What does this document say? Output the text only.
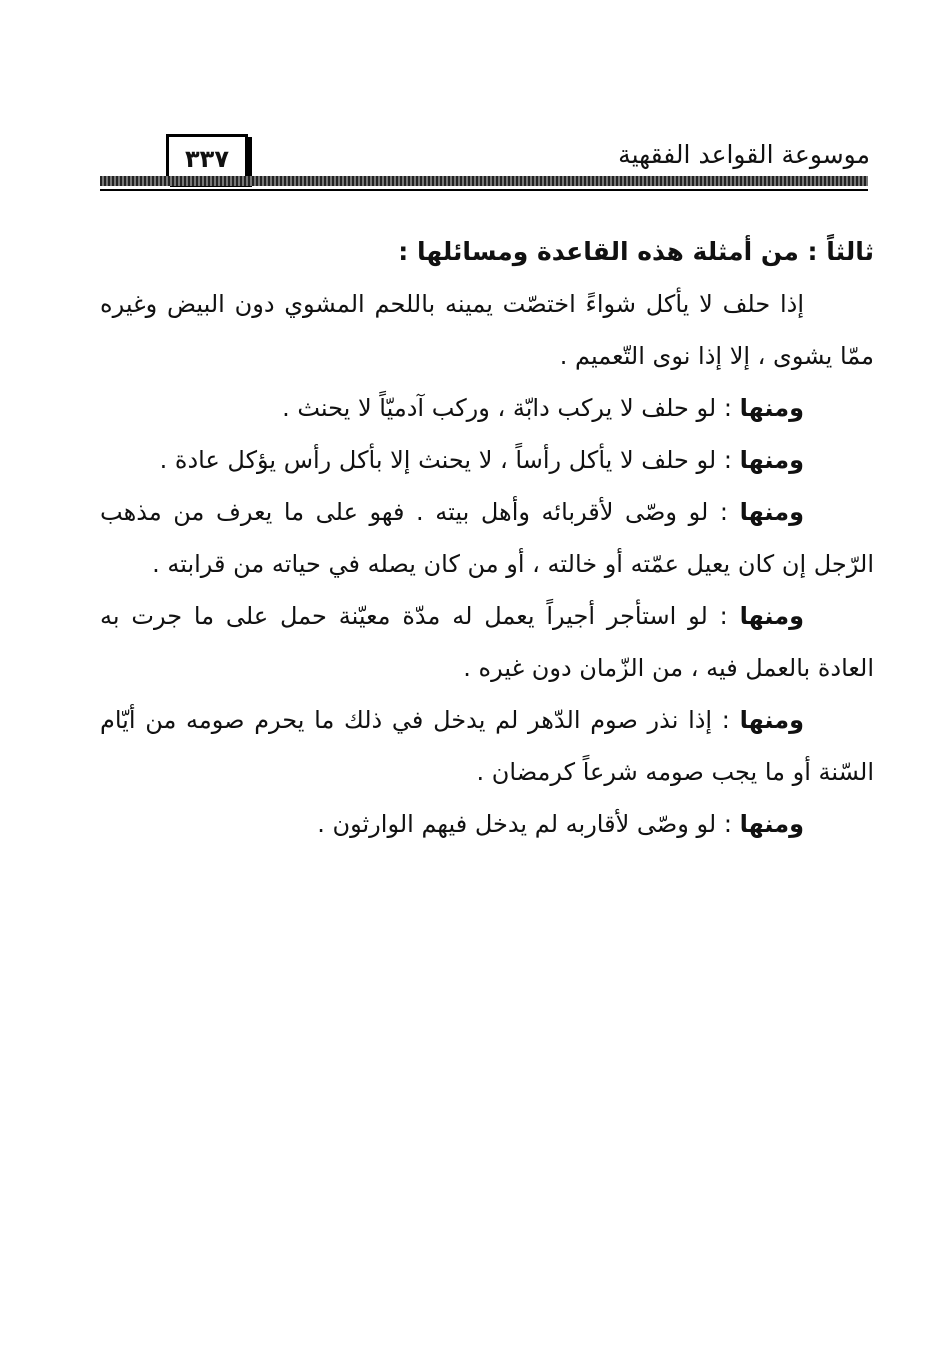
موسوعة القواعد الفقهية
٣٣٧
ثالثاً : من أمثلة هذه القاعدة ومسائلها :

إذا حلف لا يأكل شواءً اختصّت يمينه باللحم المشوي دون البيض وغيره ممّا يشوى ، إلا إذا نوى التّعميم .

ومنها : لو حلف لا يركب دابّة ، وركب آدميّاً لا يحنث .

ومنها : لو حلف لا يأكل رأساً ، لا يحنث إلا بأكل رأس يؤكل عادة .

ومنها : لو وصّى لأقربائه وأهل بيته . فهو على ما يعرف من مذهب الرّجل إن كان يعيل عمّته أو خالته ، أو من كان يصله في حياته من قرابته .

ومنها : لو استأجر أجيراً يعمل له مدّة معيّنة حمل على ما جرت به العادة بالعمل فيه ، من الزّمان دون غيره .

ومنها : إذا نذر صوم الدّهر لم يدخل في ذلك ما يحرم صومه من أيّام السّنة أو ما يجب صومه شرعاً كرمضان .

ومنها : لو وصّى لأقاربه لم يدخل فيهم الوارثون .
